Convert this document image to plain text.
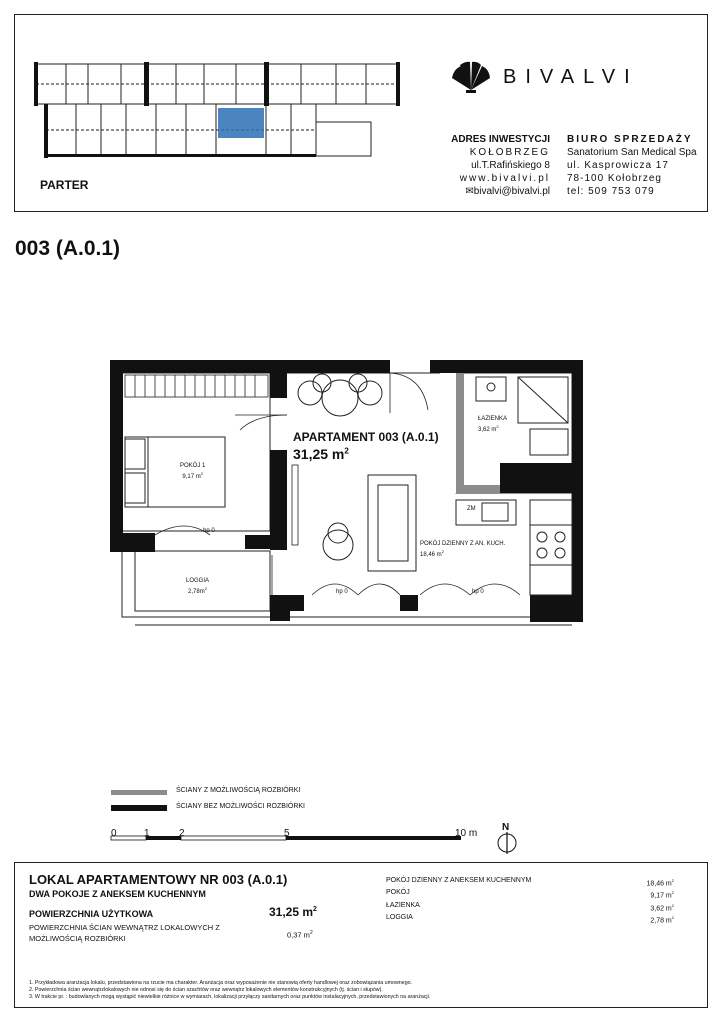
PARTER
BIVALVI
ADRES INWESTYCJI
KOŁOBRZEG
ul.T.Rafińskiego 8
www.bivalvi.pl
✉bivalvi@bivalvi.pl
BIURO SPRZEDAŻY
Sanatorium San Medical Spa
ul. Kasprowicza 17
78-100 Kołobrzeg
tel: 509 753 079
003 (A.0.1)
APARTAMENT 003 (A.0.1)
31,25 $m^2$
POKÓJ 1
9,17 $m^2$
ŁAZIENKA
3,62 $m^2$
POKÓJ DZIENNY Z AN. KUCH.
18,46 $m^2$
LOGGIA
$2,78m^2$
hp 0
hp 0	hp 0
ZM
ŚCIANY Z MOŻLIWOŚCIĄ ROZBIÓRKI
ŚCIANY BEZ MOŻLIWOŚCI ROZBIÓRKI
0	1	2	5	10 m
N
LOKAL APARTAMENTOWY NR 003 (A.0.1)
DWA POKOJE Z ANEKSEM KUCHENNYM
POWIERZCHNIA UŻYTKOWA	31,25 $m^2$
POWIERZCHNIA ŚCIAN WEWNĄTRZ LOKALOWYCH Z
MOŻLIWOŚCIĄ ROZBIÓRKI	0,37 $m^2$
POKÓJ DZIENNY Z ANEKSEM KUCHENNYM	18,46 $m^2$
POKÓJ	9,17 $m^2$
ŁAZIENKA	3,62 $m^2$
LOGGIA	2,78 $m^2$
1. Przykładowa aranżacja lokalu, przedstawiona na rzucie ma charakter. Aranżacja oraz wyposażenie nie stanowią oferty handlowej oraz zobowiązania umownego.
2. Powierzchnia ścian wewnątrzlokalowych nie odnosi się do ścian szachtów oraz wewnątrz lokalowych elementów konstrukcyjnych (tj. ścian i słupów).
3. W trakcie pr. : budowlanych mogą wystąpić niewielkie różnice w wymiarach, lokalizacji przyłączy sanitarnych oraz punktów instalacyjnych, przedstawionych na aranżacji.
